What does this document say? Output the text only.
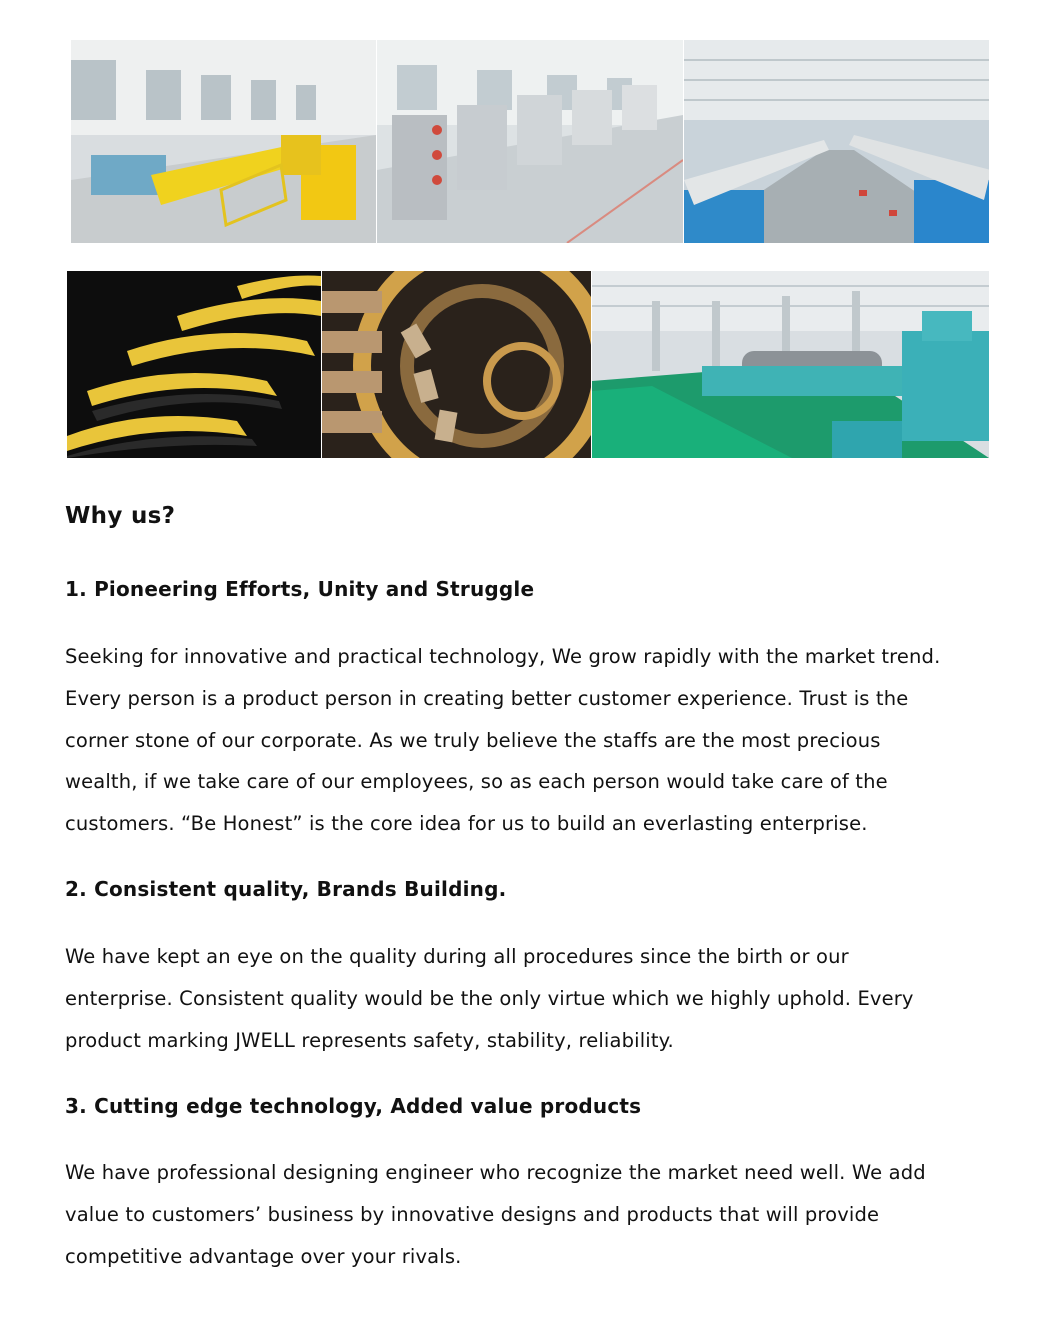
Why us?
1. Pioneering Efforts, Unity and Struggle

Seeking for innovative and practical technology, We grow rapidly with the market trend.
Every person is a product person in creating better customer experience. Trust is the
corner stone of our corporate. As we truly believe the staffs are the most precious
wealth, if we take care of our employees, so as each person would take care of the
customers. “Be Honest” is the core idea for us to build an everlasting enterprise.

2. Consistent quality, Brands Building.

We have kept an eye on the quality during all procedures since the birth or our
enterprise. Consistent quality would be the only virtue which we highly uphold. Every
product marking JWELL represents safety, stability, reliability.

3. Cutting edge technology, Added value products

We have professional designing engineer who recognize the market need well. We add
value to customers’ business by innovative designs and products that will provide
competitive advantage over your rivals.
